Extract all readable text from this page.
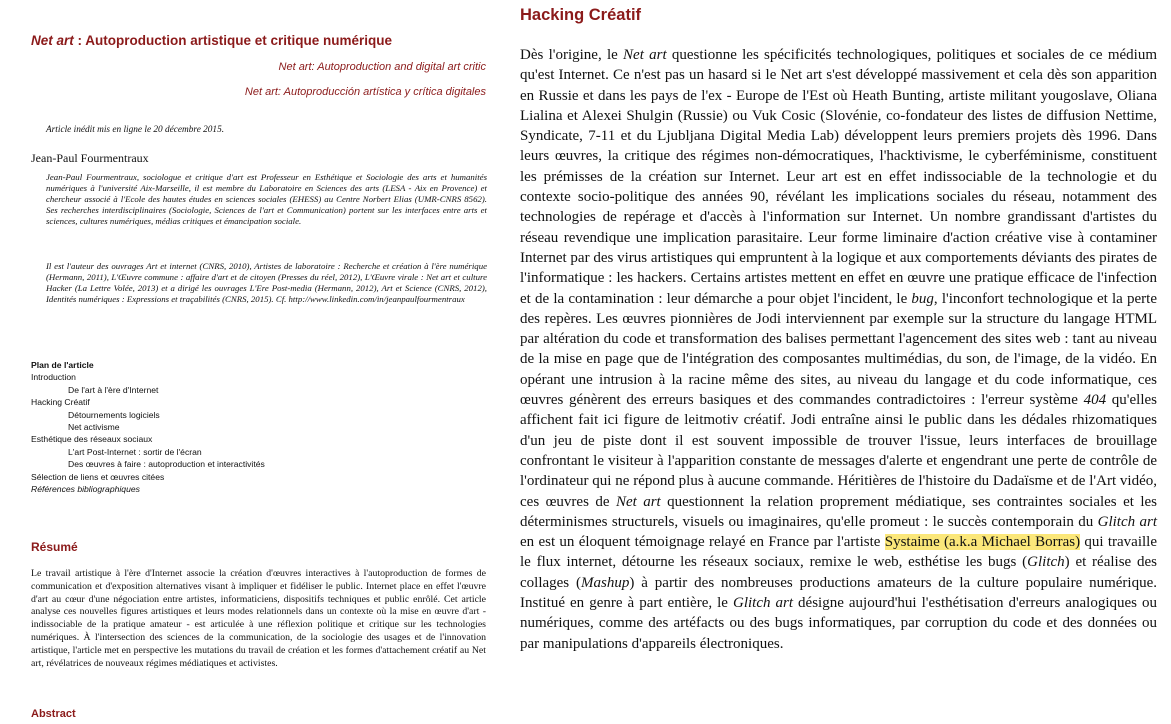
Net art : Autoproduction artistique et critique numérique
Net art: Autoproduction and digital art critic
Net art: Autoproducción artística y crítica digitales
Article inédit mis en ligne le 20 décembre 2015.
Jean-Paul Fourmentraux

Jean-Paul Fourmentraux, sociologue et critique d'art est Professeur en Esthétique et Sociologie des arts et humanités numériques à l'université Aix-Marseille, il est membre du Laboratoire en Sciences des arts (LESA - Aix en Provence) et chercheur associé à l'Ecole des hautes études en sciences sociales (EHESS) au Centre Norbert Elias (UMR-CNRS 8562). Ses recherches interdisciplinaires (Sociologie, Sciences de l'art et Communication) portent sur les interfaces entre arts et sciences, cultures numériques, médias critiques et émancipation sociale.

Il est l'auteur des ouvrages Art et internet (CNRS, 2010), Artistes de laboratoire : Recherche et création à l'ère numérique (Hermann, 2011), L'Œuvre commune : affaire d'art et de citoyen (Presses du réel, 2012), L'Œuvre virale : Net art et culture Hacker (La Lettre Volée, 2013) et a dirigé les ouvrages L'Ere Post-media (Hermann, 2012), Art et Science (CNRS, 2012), Identités numériques : Expressions et traçabilités (CNRS, 2015). Cf. http://www.linkedin.com/in/jeanpaulfourmentraux

Plan de l'article
Introduction
De l'art à l'ère d'Internet
Hacking Créatif
Détournements logiciels
Net activisme
Esthétique des réseaux sociaux
L'art Post-Internet : sortir de l'écran
Des œuvres à faire : autoproduction et interactivités
Sélection de liens et œuvres citées
Références bibliographiques
Résumé

Le travail artistique à l'ère d'Internet associe la création d'œuvres interactives à l'autoproduction de formes de communication et d'exposition alternatives visant à impliquer et fidéliser le public. Internet place en effet l'œuvre d'art au cœur d'une négociation entre artistes, informaticiens, dispositifs techniques et public enrôlé. Cet article analyse ces nouvelles figures artistiques et leurs modes relationnels dans un contexte où la mise en œuvre d'art - indissociable de la pratique amateur - est articulée à une réflexion politique et critique sur les technologies numériques. À l'intersection des sciences de la communication, de la sociologie des usages et de l'innovation artistique, l'article met en perspective les mutations du travail de création et les formes d'attachement créatif au Net art, révélatrices de nouveaux régimes médiatiques et activistes.

Abstract
Hacking Créatif

Dès l'origine, le Net art questionne les spécificités technologiques, politiques et sociales de ce médium qu'est Internet. Ce n'est pas un hasard si le Net art s'est développé massivement et cela dès son apparition en Russie et dans les pays de l'ex - Europe de l'Est où Heath Bunting, artiste militant yougoslave, Oliana Lialina et Alexei Shulgin (Russie) ou Vuk Cosic (Slovénie, co-fondateur des listes de diffusion Nettime, Syndicate, 7-11 et du Ljubljana Digital Media Lab) développent leurs premiers projets dès 1996. Dans leurs œuvres, la critique des régimes non-démocratiques, l'hacktivisme, le cyberféminisme, constituent les prémisses de la création sur Internet. Leur art est en effet indissociable de la technologie et du contexte socio-politique des années 90, révélant les implications sociales du réseau, notamment des technologies de repérage et d'accès à l'information sur Internet. Un nombre grandissant d'artistes du réseau revendique une implication parasitaire. Leur forme liminaire d'action créative vise à contaminer Internet par des virus artistiques qui empruntent à la logique et aux comportements déviants des pirates de l'informatique : les hackers. Certains artistes mettent en effet en œuvre une pratique efficace de l'infection et de la contamination : leur démarche a pour objet l'incident, le bug, l'inconfort technologique et la perte des repères. Les œuvres pionnières de Jodi interviennent par exemple sur la structure du langage HTML par altération du code et transformation des balises permettant l'agencement des sites web : tant au niveau de la mise en page que de l'intégration des composantes multimédias, du son, de l'image, de la vidéo. En opérant une intrusion à la racine même des sites, au niveau du langage et du code informatique, ces œuvres génèrent des erreurs basiques et des commandes contradictoires : l'erreur système 404 qu'elles affichent fait ici figure de leitmotiv créatif. Jodi entraîne ainsi le public dans les dédales rhizomatiques d'un jeu de piste dont il est souvent impossible de trouver l'issue, leurs interfaces de brouillage confrontant le visiteur à l'apparition constante de messages d'alerte et engendrant une perte de contrôle de l'ordinateur qui ne répond plus à aucune commande. Héritières de l'histoire du Dadaïsme et de l'Art vidéo, ces œuvres de Net art questionnent la relation proprement médiatique, ses contraintes sociales et les déterminismes structurels, visuels ou imaginaires, qu'elle promeut : le succès contemporain du Glitch art en est un éloquent témoignage relayé en France par l'artiste Systaime (a.k.a Michael Borras) qui travaille le flux internet, détourne les réseaux sociaux, remixe le web, esthétise les bugs (Glitch) et réalise des collages (Mashup) à partir des nombreuses productions amateurs de la culture populaire numérique. Institué en genre à part entière, le Glitch art désigne aujourd'hui l'esthétisation d'erreurs analogiques ou numériques, comme des artéfacts ou des bugs informatiques, par corruption du code et des données ou par manipulations d'appareils électroniques.
